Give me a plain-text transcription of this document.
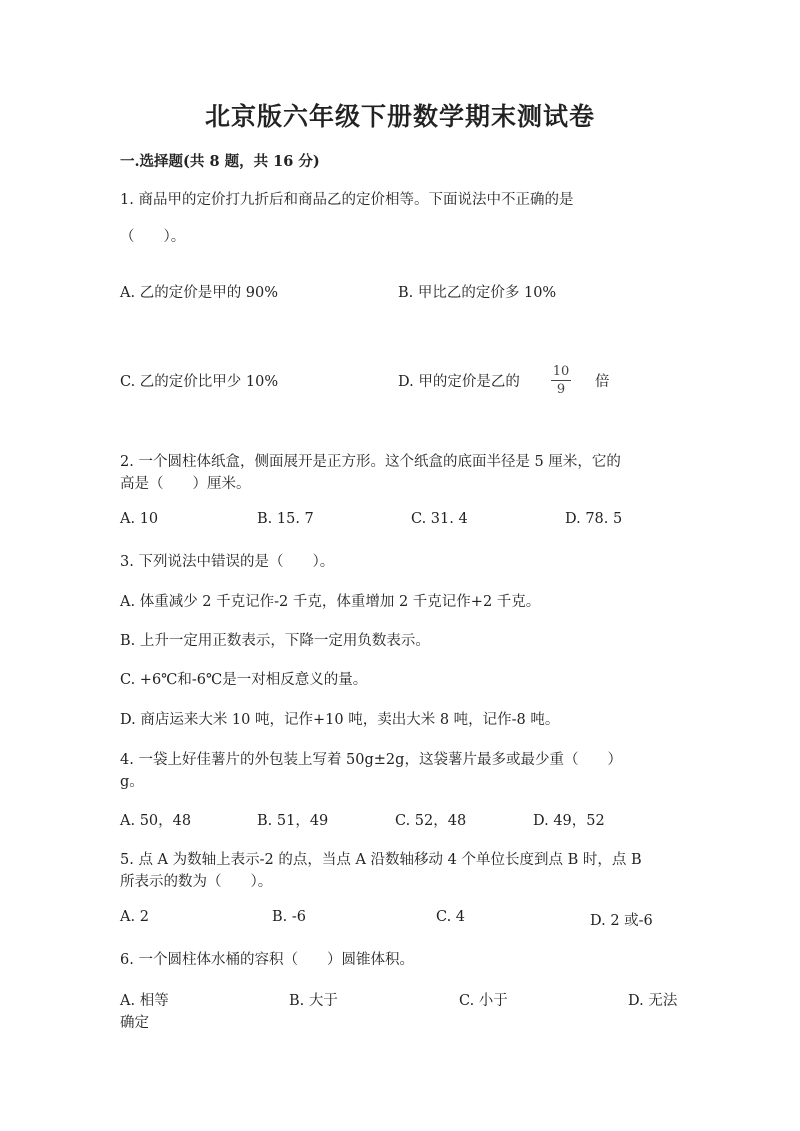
北京版六年级下册数学期末测试卷
一.选择题(共 8 题，共 16 分)
1. 商品甲的定价打九折后和商品乙的定价相等。下面说法中不正确的是
（　　）。
A. 乙的定价是甲的 90%	B. 甲比乙的定价多 10%
C. 乙的定价比甲少 10%	D. 甲的定价是乙的
10
9	倍
2. 一个圆柱体纸盒，侧面展开是正方形。这个纸盒的底面半径是 5 厘米，它的
高是（　　）厘米。
A. 10	B. 15. 7	C. 31. 4	D. 78. 5
3. 下列说法中错误的是（　　）。
A. 体重减少 2 千克记作-2 千克，体重增加 2 千克记作+2 千克。
B. 上升一定用正数表示，下降一定用负数表示。
C. +6℃和-6℃是一对相反意义的量。
D. 商店运来大米 10 吨，记作+10 吨，卖出大米 8 吨，记作-8 吨。
4. 一袋上好佳薯片的外包装上写着 50g±2g，这袋薯片最多或最少重（　　）
g。
A. 50，48	B. 51，49	C. 52，48	D. 49，52
5. 点 A 为数轴上表示-2 的点，当点 A 沿数轴移动 4 个单位长度到点 B 时，点 B
所表示的数为（　　）。
A. 2	B. -6	C. 4	D. 2 或-6
6. 一个圆柱体水桶的容积（　　）圆锥体积。
A. 相等	B. 大于	C. 小于	D. 无法
确定
